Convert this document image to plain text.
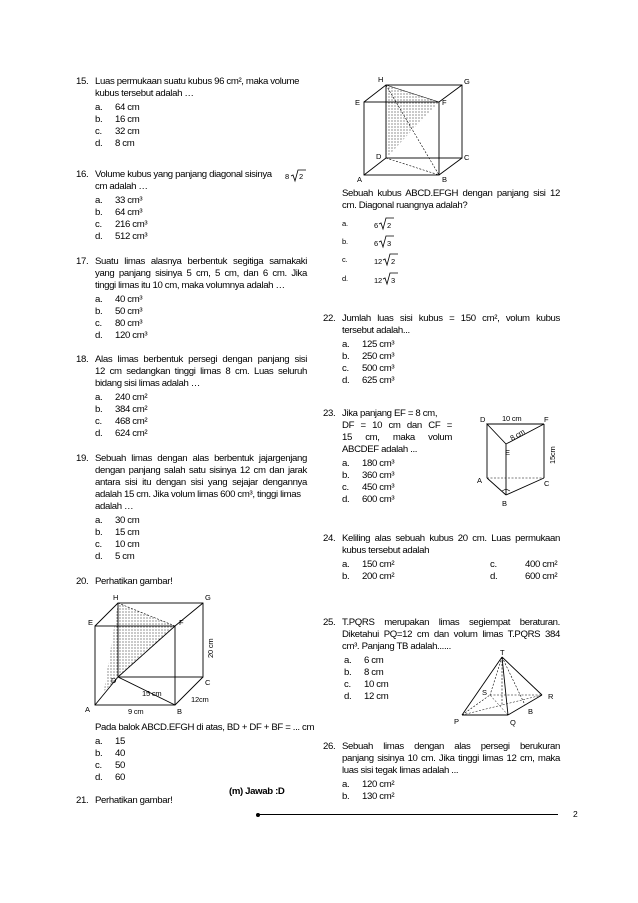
15. Luas permukaan suatu kubus 96 cm², maka volume
kubus tersebut adalah …
a. 64 cm
b. 16 cm
c. 32 cm
d. 8 cm
16. Volume kubus yang panjang diagonal sisinya 8 2
cm adalah …
a. 33 cm³
b. 64 cm³
c. 216 cm³
d. 512 cm³
17. Suatu limas alasnya berbentuk segitiga samakaki
yang panjang sisinya 5 cm, 5 cm, dan 6 cm. Jika
tinggi limas itu 10 cm, maka volumnya adalah …
a. 40 cm³
b. 50 cm³
c. 80 cm³
d. 120 cm³
18. Alas limas berbentuk persegi dengan panjang sisi
12 cm sedangkan tinggi limas 8 cm. Luas seluruh
bidang sisi limas adalah …
a. 240 cm²
b. 384 cm²
c. 468 cm²
d. 624 cm²
19. Sebuah limas dengan alas berbentuk jajargenjang
dengan panjang salah satu sisinya 12 cm dan jarak
antara sisi itu dengan sisi yang sejajar dengannya
adalah 15 cm. Jika volum limas 600 cm³, tinggi limas
adalah …
a. 30 cm
b. 15 cm
c. 10 cm
d. 5 cm
20. Perhatikan gambar!
H	G
E	F
D	C
A	B
15 cm
12cm
9 cm
20 cm
Pada balok ABCD.EFGH di atas, BD + DF + BF = ... cm
a. 15
b. 40
c. 50
d. 60
(m) Jawab :D
21. Perhatikan gambar!
H	G
E	F
D	C
A	B
Sebuah kubus ABCD.EFGH dengan panjang sisi 12
cm. Diagonal ruangnya adalah?
a.	6 2
b.	6 3
c.	12 2
d.	12 3
22. Jumlah luas sisi kubus = 150 cm², volum kubus
tersebut adalah...
a. 125 cm³
b. 250 cm³
c. 500 cm³
d. 625 cm³
23. Jika panjang EF = 8 cm,
DF = 10 cm dan CF =
15 cm, maka volum
ABCDEF adalah ...
a. 180 cm³
b. 360 cm³
c. 450 cm³
d. 600 cm³
D	F
E
A	C
B
10 cm
8 cm
15cm
24. Keliling alas sebuah kubus 20 cm. Luas permukaan
kubus tersebut adalah
a. 150 cm²
b. 200 cm²
c.	400 cm²
d.	600 cm²
25. T.PQRS merupakan limas segiempat beraturan.
Diketahui PQ=12 cm dan volum limas T.PQRS 384
cm³. Panjang TB adalah......
a. 6 cm
b. 8 cm
c. 10 cm
d. 12 cm
T
S	R
P	Q
B
26. Sebuah limas dengan alas persegi berukuran
panjang sisinya 10 cm. Jika tinggi limas 12 cm, maka
luas sisi tegak limas adalah ...
a. 120 cm²
b. 130 cm²
2
